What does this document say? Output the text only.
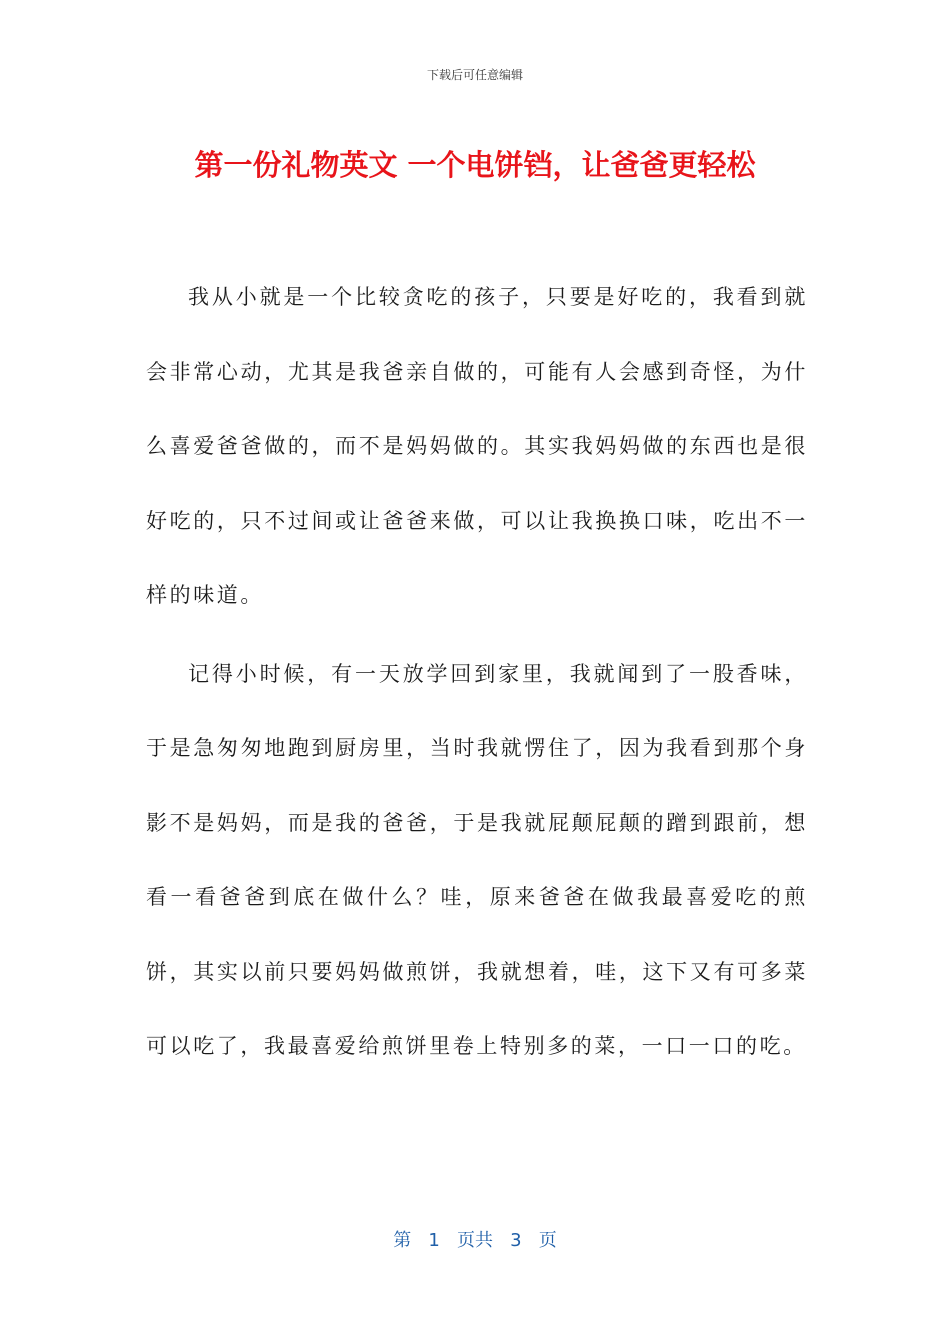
下载后可任意编辑
第一份礼物英文 一个电饼铛，让爸爸更轻松

我从小就是一个比较贪吃的孩子，只要是好吃的，我看到就会非常心动，尤其是我爸亲自做的，可能有人会感到奇怪，为什么喜爱爸爸做的，而不是妈妈做的。其实我妈妈做的东西也是很好吃的，只不过间或让爸爸来做，可以让我换换口味，吃出不一样的味道。

记得小时候，有一天放学回到家里，我就闻到了一股香味，于是急匆匆地跑到厨房里，当时我就愣住了，因为我看到那个身影不是妈妈，而是我的爸爸，于是我就屁颠屁颠的蹭到跟前，想看一看爸爸到底在做什么？哇，原来爸爸在做我最喜爱吃的煎饼，其实以前只要妈妈做煎饼，我就想着，哇，这下又有可多菜可以吃了，我最喜爱给煎饼里卷上特别多的菜，一口一口的吃。

第 1 页共 3 页
